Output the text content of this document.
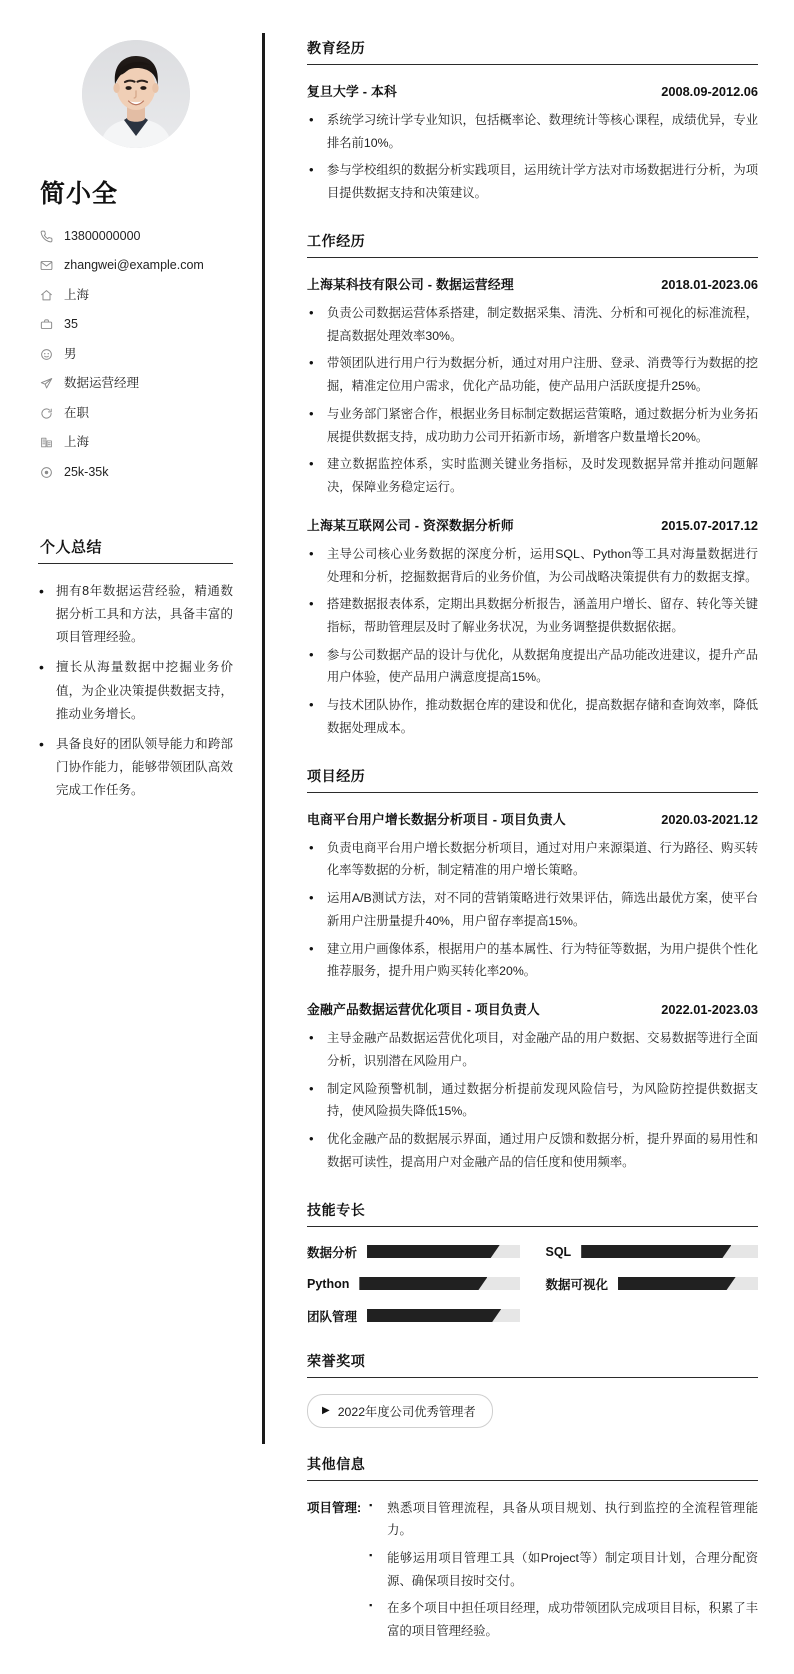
简小全
13800000000
zhangwei@example.com
上海
35
男
数据运营经理
在职
上海
25k-35k
个人总结
• 拥有8年数据运营经验，精通数据分析工具和方法，具备丰富的项目管理经验。
• 擅长从海量数据中挖掘业务价值，为企业决策提供数据支持，推动业务增长。
• 具备良好的团队领导能力和跨部门协作能力，能够带领团队高效完成工作任务。
教育经历
复旦大学 - 本科	2008.09-2012.06
• 系统学习统计学专业知识，包括概率论、数理统计等核心课程，成绩优异，专业排名前10%。
• 参与学校组织的数据分析实践项目，运用统计学方法对市场数据进行分析，为项目提供数据支持和决策建议。
工作经历
上海某科技有限公司 - 数据运营经理	2018.01-2023.06
• 负责公司数据运营体系搭建，制定数据采集、清洗、分析和可视化的标准流程，提高数据处理效率30%。
• 带领团队进行用户行为数据分析，通过对用户注册、登录、消费等行为数据的挖掘，精准定位用户需求，优化产品功能，使产品用户活跃度提升25%。
• 与业务部门紧密合作，根据业务目标制定数据运营策略，通过数据分析为业务拓展提供数据支持，成功助力公司开拓新市场，新增客户数量增长20%。
• 建立数据监控体系，实时监测关键业务指标，及时发现数据异常并推动问题解决，保障业务稳定运行。
上海某互联网公司 - 资深数据分析师	2015.07-2017.12
• 主导公司核心业务数据的深度分析，运用SQL、Python等工具对海量数据进行处理和分析，挖掘数据背后的业务价值，为公司战略决策提供有力的数据支撑。
• 搭建数据报表体系，定期出具数据分析报告，涵盖用户增长、留存、转化等关键指标，帮助管理层及时了解业务状况，为业务调整提供数据依据。
• 参与公司数据产品的设计与优化，从数据角度提出产品功能改进建议，提升产品用户体验，使产品用户满意度提高15%。
• 与技术团队协作，推动数据仓库的建设和优化，提高数据存储和查询效率，降低数据处理成本。
项目经历
电商平台用户增长数据分析项目 - 项目负责人	2020.03-2021.12
• 负责电商平台用户增长数据分析项目，通过对用户来源渠道、行为路径、购买转化率等数据的分析，制定精准的用户增长策略。
• 运用A/B测试方法，对不同的营销策略进行效果评估，筛选出最优方案，使平台新用户注册量提升40%，用户留存率提高15%。
• 建立用户画像体系，根据用户的基本属性、行为特征等数据，为用户提供个性化推荐服务，提升用户购买转化率20%。
金融产品数据运营优化项目 - 项目负责人	2022.01-2023.03
• 主导金融产品数据运营优化项目，对金融产品的用户数据、交易数据等进行全面分析，识别潜在风险用户。
• 制定风险预警机制，通过数据分析提前发现风险信号，为风险防控提供数据支持，使风险损失降低15%。
• 优化金融产品的数据展示界面，通过用户反馈和数据分析，提升界面的易用性和数据可读性，提高用户对金融产品的信任度和使用频率。
技能专长
数据分析	SQL
Python	数据可视化
团队管理
荣誉奖项
▶ 2022年度公司优秀管理者
其他信息
项目管理:	▪ 熟悉项目管理流程，具备从项目规划、执行到监控的全流程管理能力。
▪ 能够运用项目管理工具（如Project等）制定项目计划，合理分配资源、确保项目按时交付。
▪ 在多个项目中担任项目经理，成功带领团队完成项目目标，积累了丰富的项目管理经验。
